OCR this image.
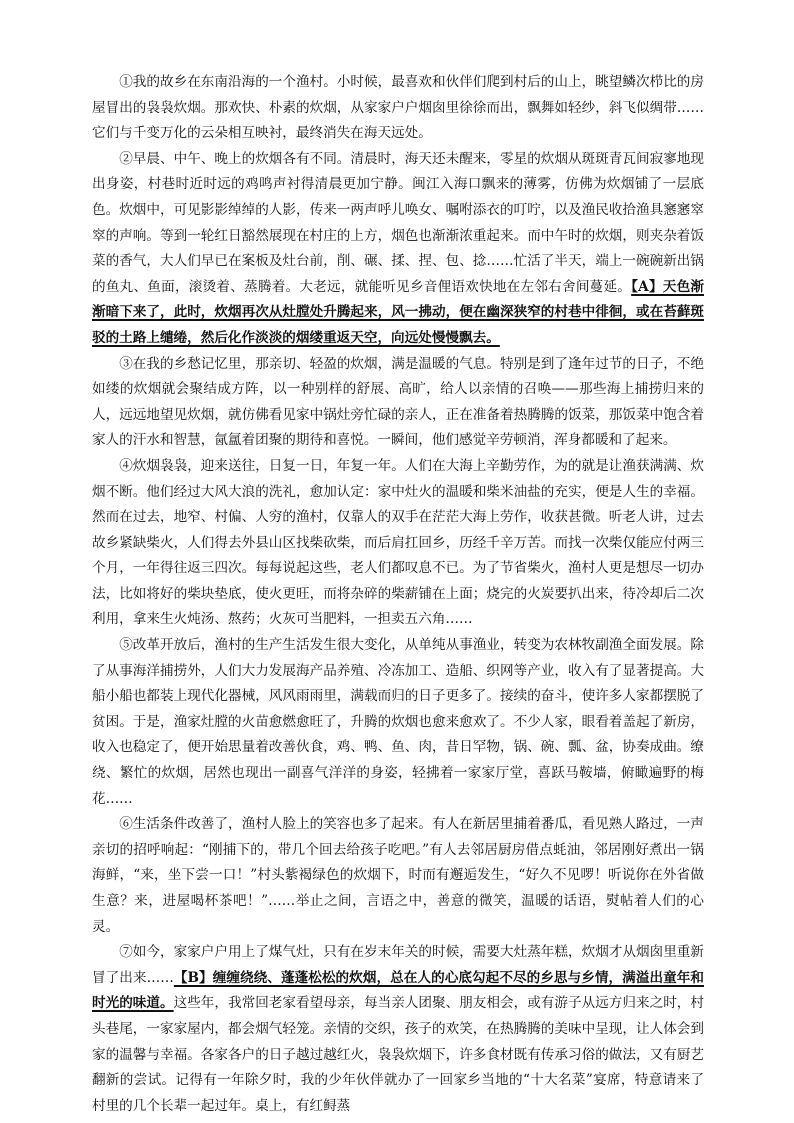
①我的故乡在东南沿海的一个渔村。小时候，最喜欢和伙伴们爬到村后的山上，眺望鳞次栉比的房屋冒出的袅袅炊烟。那欢快、朴素的炊烟，从家家户户烟囱里徐徐而出，飘舞如轻纱，斜飞似绸带……它们与千变万化的云朵相互映衬，最终消失在海天远处。

②早晨、中午、晚上的炊烟各有不同。清晨时，海天还未醒来，零星的炊烟从斑斑青瓦间寂寥地现出身姿，村巷时近时远的鸡鸣声衬得清晨更加宁静。闽江入海口飘来的薄雾，仿佛为炊烟铺了一层底色。炊烟中，可见影影绰绰的人影，传来一两声呼儿唤女、嘱咐添衣的叮咛，以及渔民收拾渔具窸窸窣窣的声响。等到一轮红日豁然展现在村庄的上方，烟色也渐渐浓重起来。而中午时的炊烟，则夹杂着饭菜的香气，大人们早已在案板及灶台前，削、碾、揉、捏、包、捻……忙活了半天，端上一碗碗新出锅的鱼丸、鱼面，滚烫着、蒸腾着。大老远，就能听见乡音俚语欢快地在左邻右舍间蔓延。【A】天色渐渐暗下来了，此时，炊烟再次从灶膛处升腾起来，风一拂动，便在幽深狭窄的村巷中徘徊，或在苔藓斑驳的土路上缱绻，然后化作淡淡的烟缕重返天空，向远处慢慢飘去。

③在我的乡愁记忆里，那亲切、轻盈的炊烟，满是温暖的气息。特别是到了逢年过节的日子，不绝如缕的炊烟就会聚结成方阵，以一种别样的舒展、高旷，给人以亲情的召唤——那些海上捕捞归来的人，远远地望见炊烟，就仿佛看见家中锅灶旁忙碌的亲人，正在准备着热腾腾的饭菜，那饭菜中饱含着家人的汗水和智慧，氤氲着团聚的期待和喜悦。一瞬间，他们感觉辛劳顿消，浑身都暖和了起来。

④炊烟袅袅，迎来送往，日复一日，年复一年。人们在大海上辛勤劳作，为的就是让渔获满满、炊烟不断。他们经过大风大浪的洗礼，愈加认定：家中灶火的温暖和柴米油盐的充实，便是人生的幸福。然而在过去，地窄、村偏、人穷的渔村，仅靠人的双手在茫茫大海上劳作，收获甚微。听老人讲，过去故乡紧缺柴火，人们得去外县山区找柴砍柴，而后肩扛回乡，历经千辛万苦。而找一次柴仅能应付两三个月，一年得往返三四次。每每说起这些，老人们都叹息不已。为了节省柴火，渔村人更是想尽一切办法，比如将好的柴块垫底，使火更旺，而将杂碎的柴薪铺在上面；烧完的火炭要扒出来，待冷却后二次利用，拿来生火炖汤、熬药；火灰可当肥料，一担卖五六角……

⑤改革开放后，渔村的生产生活发生很大变化，从单纯从事渔业，转变为农林牧副渔全面发展。除了从事海洋捕捞外，人们大力发展海产品养殖、冷冻加工、造船、织网等产业，收入有了显著提高。大船小船也都装上现代化器械，风风雨雨里，满载而归的日子更多了。接续的奋斗，使许多人家都摆脱了贫困。于是，渔家灶膛的火苗愈燃愈旺了，升腾的炊烟也愈来愈欢了。不少人家，眼看着盖起了新房，收入也稳定了，便开始思量着改善伙食，鸡、鸭、鱼、肉，昔日罕物，锅、碗、瓢、盆，协奏成曲。缭绕、繁忙的炊烟，居然也现出一副喜气洋洋的身姿，轻拂着一家家厅堂，喜跃马鞍墙，俯瞰遍野的梅花……

⑥生活条件改善了，渔村人脸上的笑容也多了起来。有人在新居里捕着番瓜，看见熟人路过，一声亲切的招呼响起：“刚捕下的，带几个回去给孩子吃吧。”有人去邻居厨房借点蚝油，邻居刚好煮出一锅海鲜，“来，坐下尝一口！”村头紫褐绿色的炊烟下，时而有邂逅发生，“好久不见啰！听说你在外省做生意？来，进屋喝杯茶吧！”……举止之间，言语之中，善意的微笑，温暖的话语，熨帖着人们的心灵。

⑦如今，家家户户用上了煤气灶，只有在岁末年关的时候，需要大灶蒸年糕，炊烟才从烟囱里重新冒了出来……【B】缠缠绕绕、蓬蓬松松的炊烟，总在人的心底勾起不尽的乡思与乡情，满溢出童年和时光的味道。这些年，我常回老家看望母亲，每当亲人团聚、朋友相会，或有游子从远方归来之时，村头巷尾，一家家屋内，都会烟气轻笼。亲情的交织，孩子的欢笑，在热腾腾的美味中呈现，让人体会到家的温馨与幸福。各家各户的日子越过越红火，袅袅炊烟下，许多食材既有传承习俗的做法，又有厨艺翻新的尝试。记得有一年除夕时，我的少年伙伴就办了一回家乡当地的“十大名菜”宴席，特意请来了村里的几个长辈一起过年。桌上，有红鲟蒸
